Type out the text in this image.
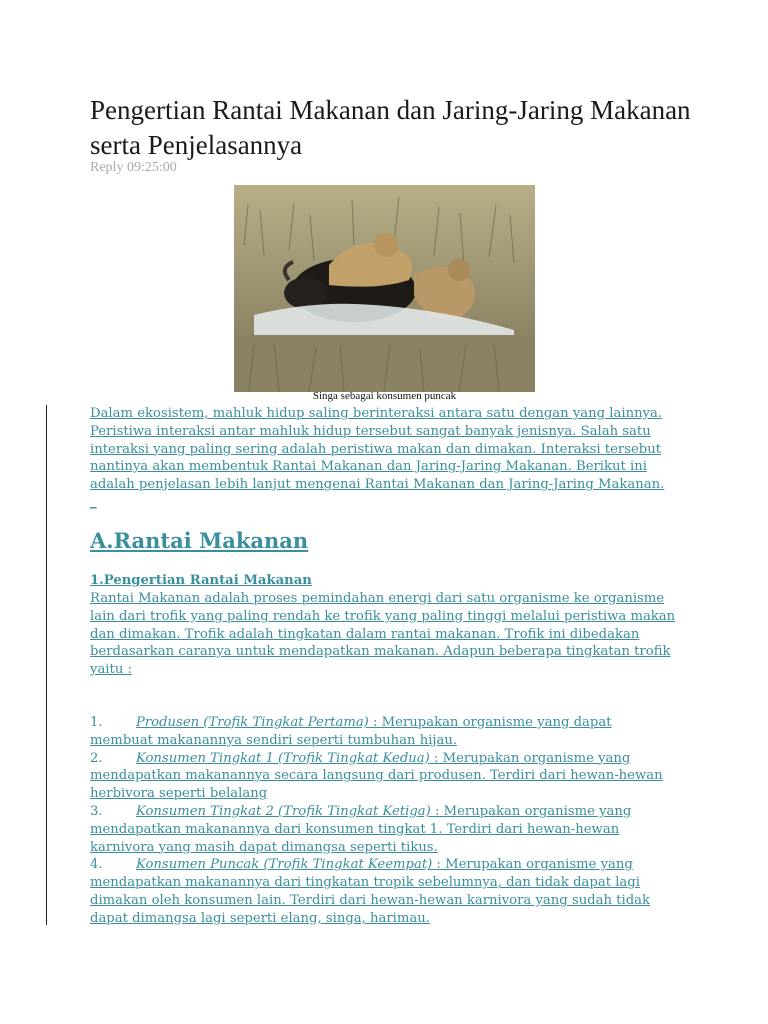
Pengertian Rantai Makanan dan Jaring-Jaring Makanan serta Penjelasannya
Reply 09:25:00
Singa sebagai konsumen puncak
Dalam ekosistem, mahluk hidup saling berinteraksi antara satu dengan yang lainnya.
Peristiwa interaksi antar mahluk hidup tersebut sangat banyak jenisnya. Salah satu
interaksi yang paling sering adalah peristiwa makan dan dimakan. Interaksi tersebut
nantinya akan membentuk Rantai Makanan dan Jaring-Jaring Makanan. Berikut ini
adalah penjelasan lebih lanjut mengenai Rantai Makanan dan Jaring-Jaring Makanan.
_
A.Rantai Makanan
1.Pengertian Rantai Makanan
Rantai Makanan adalah proses pemindahan energi dari satu organisme ke organisme
lain dari trofik yang paling rendah ke trofik yang paling tinggi melalui peristiwa makan
dan dimakan. Trofik adalah tingkatan dalam rantai makanan. Trofik ini dibedakan
berdasarkan caranya untuk mendapatkan makanan. Adapun beberapa tingkatan trofik
yaitu :
1.	Produsen (Trofik Tingkat Pertama) : Merupakan organisme yang dapat
membuat makanannya sendiri seperti tumbuhan hijau.
2.	Konsumen Tingkat 1 (Trofik Tingkat Kedua) : Merupakan organisme yang
mendapatkan makanannya secara langsung dari produsen. Terdiri dari hewan-hewan
herbivora seperti belalang
3.	Konsumen Tingkat 2 (Trofik Tingkat Ketiga) : Merupakan organisme yang
mendapatkan makanannya dari konsumen tingkat 1. Terdiri dari hewan-hewan
karnivora yang masih dapat dimangsa seperti tikus.
4.	Konsumen Puncak (Trofik Tingkat Keempat) : Merupakan organisme yang
mendapatkan makanannya dari tingkatan tropik sebelumnya, dan tidak dapat lagi
dimakan oleh konsumen lain. Terdiri dari hewan-hewan karnivora yang sudah tidak
dapat dimangsa lagi seperti elang, singa, harimau.
